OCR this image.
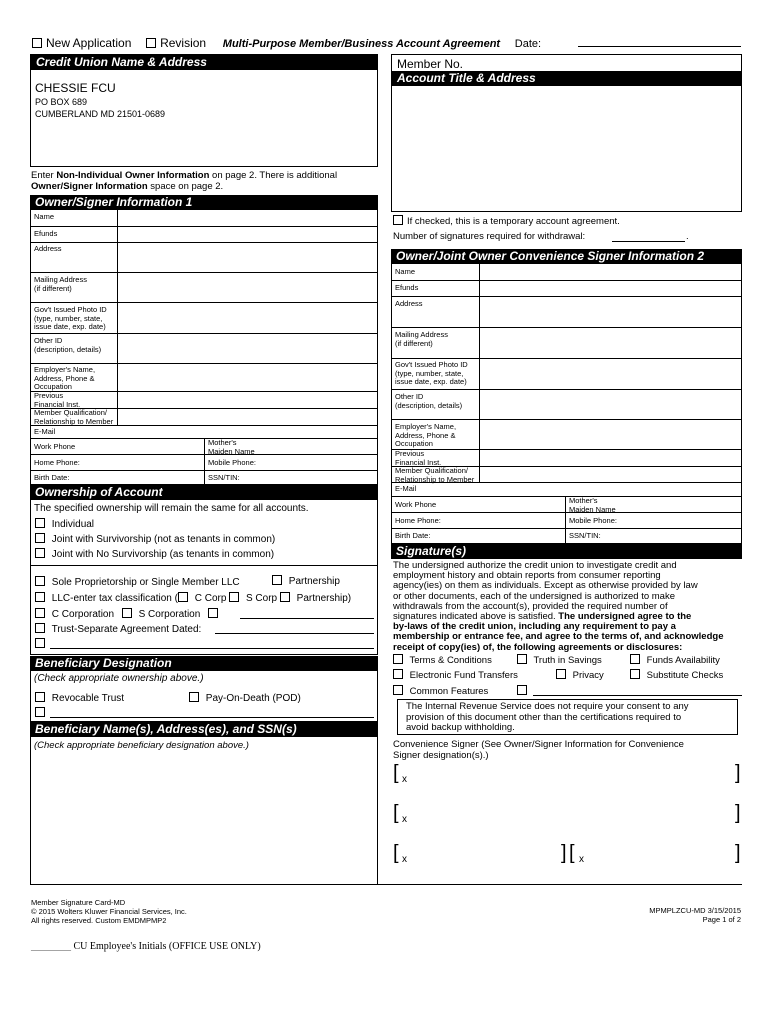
New Application Revision Multi-Purpose Member/Business Account Agreement Date:
Credit Union Name & Address
CHESSIE FCU
PO BOX 689
CUMBERLAND MD 21501-0689
Enter Non-Individual Owner Information on page 2. There is additional
Owner/Signer Information space on page 2.
Member No.
Account Title & Address
If checked, this is a temporary account agreement.
Number of signatures required for withdrawal:	.
Owner/Signer Information 1
Name
Efunds
Address
Mailing Address
(if different)
Gov't Issued Photo ID
(type, number, state,
issue date, exp. date)
Other ID
(description, details)
Employer's Name,
Address, Phone &
Occupation
Previous
Financial Inst.
Member Qualification/
Relationship to Member
E-Mail
Work Phone	Mother's
Maiden Name
Home Phone:	Mobile Phone:
Birth Date:	SSN/TIN:
Owner/Joint Owner Convenience Signer Information 2
Name
Efunds
Address
Mailing Address
(if different)
Gov't Issued Photo ID
(type, number, state,
issue date, exp. date)
Other ID
(description, details)
Employer's Name,
Address, Phone &
Occupation
Previous
Financial Inst.
Member Qualification/
Relationship to Member
E-Mail
Work Phone	Mother's
Maiden Name
Home Phone:	Mobile Phone:
Birth Date:	SSN/TIN:
Ownership of Account
The specified ownership will remain the same for all accounts.
Individual
Joint with Survivorship (not as tenants in common)
Joint with No Survivorship (as tenants in common)
Sole Proprietorship or Single Member LLC	Partnership
LLC-enter tax classification ( C Corp S Corp Partnership)
C Corporation S Corporation
Trust-Separate Agreement Dated:
Beneficiary Designation
(Check appropriate ownership above.)
Revocable Trust	Pay-On-Death (POD)
Beneficiary Name(s), Address(es), and SSN(s)
(Check appropriate beneficiary designation above.)
Signature(s)
The undersigned authorize the credit union to investigate credit and
employment history and obtain reports from consumer reporting
agency(ies) on them as individuals. Except as otherwise provided by law
or other documents, each of the undersigned is authorized to make
withdrawals from the account(s), provided the required number of
signatures indicated above is satisfied. The undersigned agree to the
by-laws of the credit union, including any requirement to pay a
membership or entrance fee, and agree to the terms of, and acknowledge
receipt of copy(ies) of, the following agreements or disclosures:
Terms & Conditions	Truth in Savings	Funds Availability
Electronic Fund Transfers	Privacy	Substitute Checks
Common Features
The Internal Revenue Service does not require your consent to any
provision of this document other than the certifications required to
avoid backup withholding.
Convenience Signer (See Owner/Signer Information for Convenience
Signer designation(s).)
[ x	]
[ x	]
[ x	] [ x	]
Member Signature Card-MD
© 2015 Wolters Kluwer Financial Services, Inc.
All rights reserved. Custom EMDMPMP2
MPMPLZCU-MD 3/15/2015
Page 1 of 2
________ CU Employee's Initials (OFFICE USE ONLY)
